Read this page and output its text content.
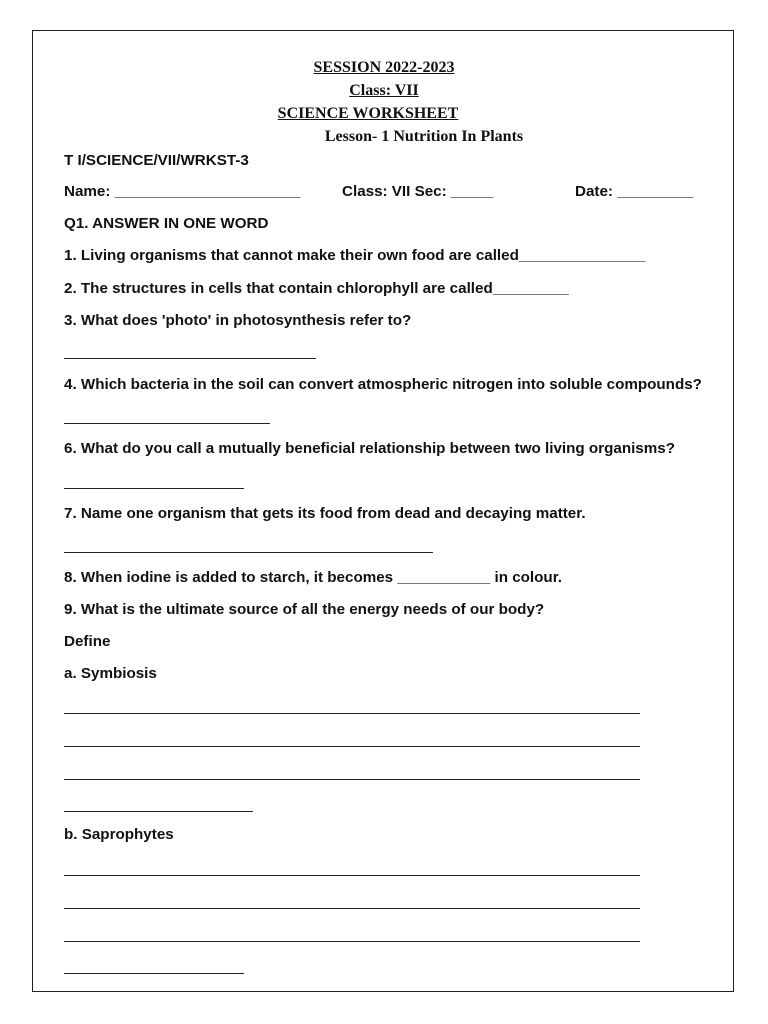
SESSION 2022-2023
Class: VII
SCIENCE WORKSHEET
Lesson- 1 Nutrition In Plants
T I/SCIENCE/VII/WRKST-3
Name: ______________________	Class: VII Sec: _____	Date: _________
Q1. ANSWER IN ONE WORD
1. Living organisms that cannot make their own food are called_______________
2. The structures in cells that contain chlorophyll are called_________
3. What does 'photo' in photosynthesis refer to?
4. Which bacteria in the soil can convert atmospheric nitrogen into soluble compounds?
6. What do you call a mutually beneficial relationship between two living organisms?
7. Name one organism that gets its food from dead and decaying matter.
8. When iodine is added to starch, it becomes ___________ in colour.
9. What is the ultimate source of all the energy needs of our body?
Define
a. Symbiosis
b. Saprophytes
